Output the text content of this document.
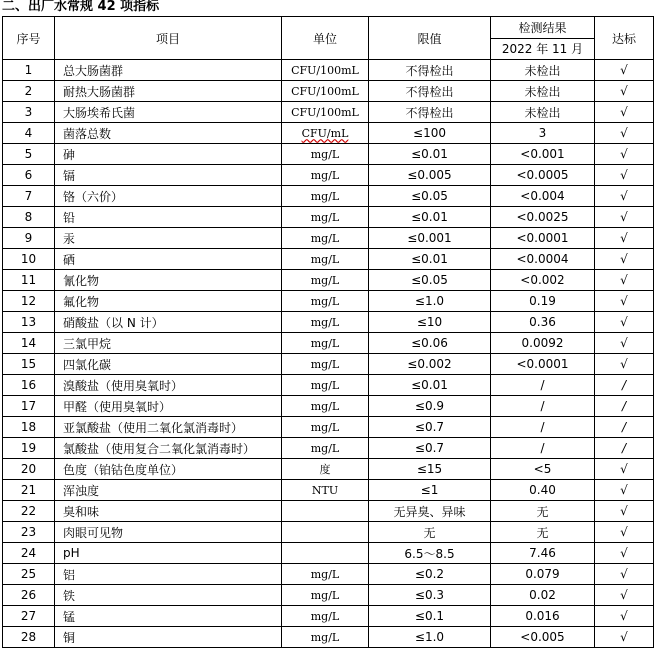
二、出厂水常规 42 项指标
序号	项目	单位	限值	检测结果	达标
				2022 年 11 月	
1	总大肠菌群	CFU/100mL	不得检出	未检出	√
2	耐热大肠菌群	CFU/100mL	不得检出	未检出	√
3	大肠埃希氏菌	CFU/100mL	不得检出	未检出	√
4	菌落总数	CFU/mL	≤100	3	√
5	砷	mg/L	≤0.01	<0.001	√
6	镉	mg/L	≤0.005	<0.0005	√
7	铬（六价）	mg/L	≤0.05	<0.004	√
8	铅	mg/L	≤0.01	<0.0025	√
9	汞	mg/L	≤0.001	<0.0001	√
10	硒	mg/L	≤0.01	<0.0004	√
11	氰化物	mg/L	≤0.05	<0.002	√
12	氟化物	mg/L	≤1.0	0.19	√
13	硝酸盐（以 N 计）	mg/L	≤10	0.36	√
14	三氯甲烷	mg/L	≤0.06	0.0092	√
15	四氯化碳	mg/L	≤0.002	<0.0001	√
16	溴酸盐（使用臭氧时）	mg/L	≤0.01	/	/
17	甲醛（使用臭氧时）	mg/L	≤0.9	/	/
18	亚氯酸盐（使用二氧化氯消毒时）	mg/L	≤0.7	/	/
19	氯酸盐（使用复合二氧化氯消毒时）	mg/L	≤0.7	/	/
20	色度（铂钴色度单位）	度	≤15	<5	√
21	浑浊度	NTU	≤1	0.40	√
22	臭和味		无异臭、异味	无	√
23	肉眼可见物		无	无	√
24	pH		6.5～8.5	7.46	√
25	铝	mg/L	≤0.2	0.079	√
26	铁	mg/L	≤0.3	0.02	√
27	锰	mg/L	≤0.1	0.016	√
28	铜	mg/L	≤1.0	<0.005	√
